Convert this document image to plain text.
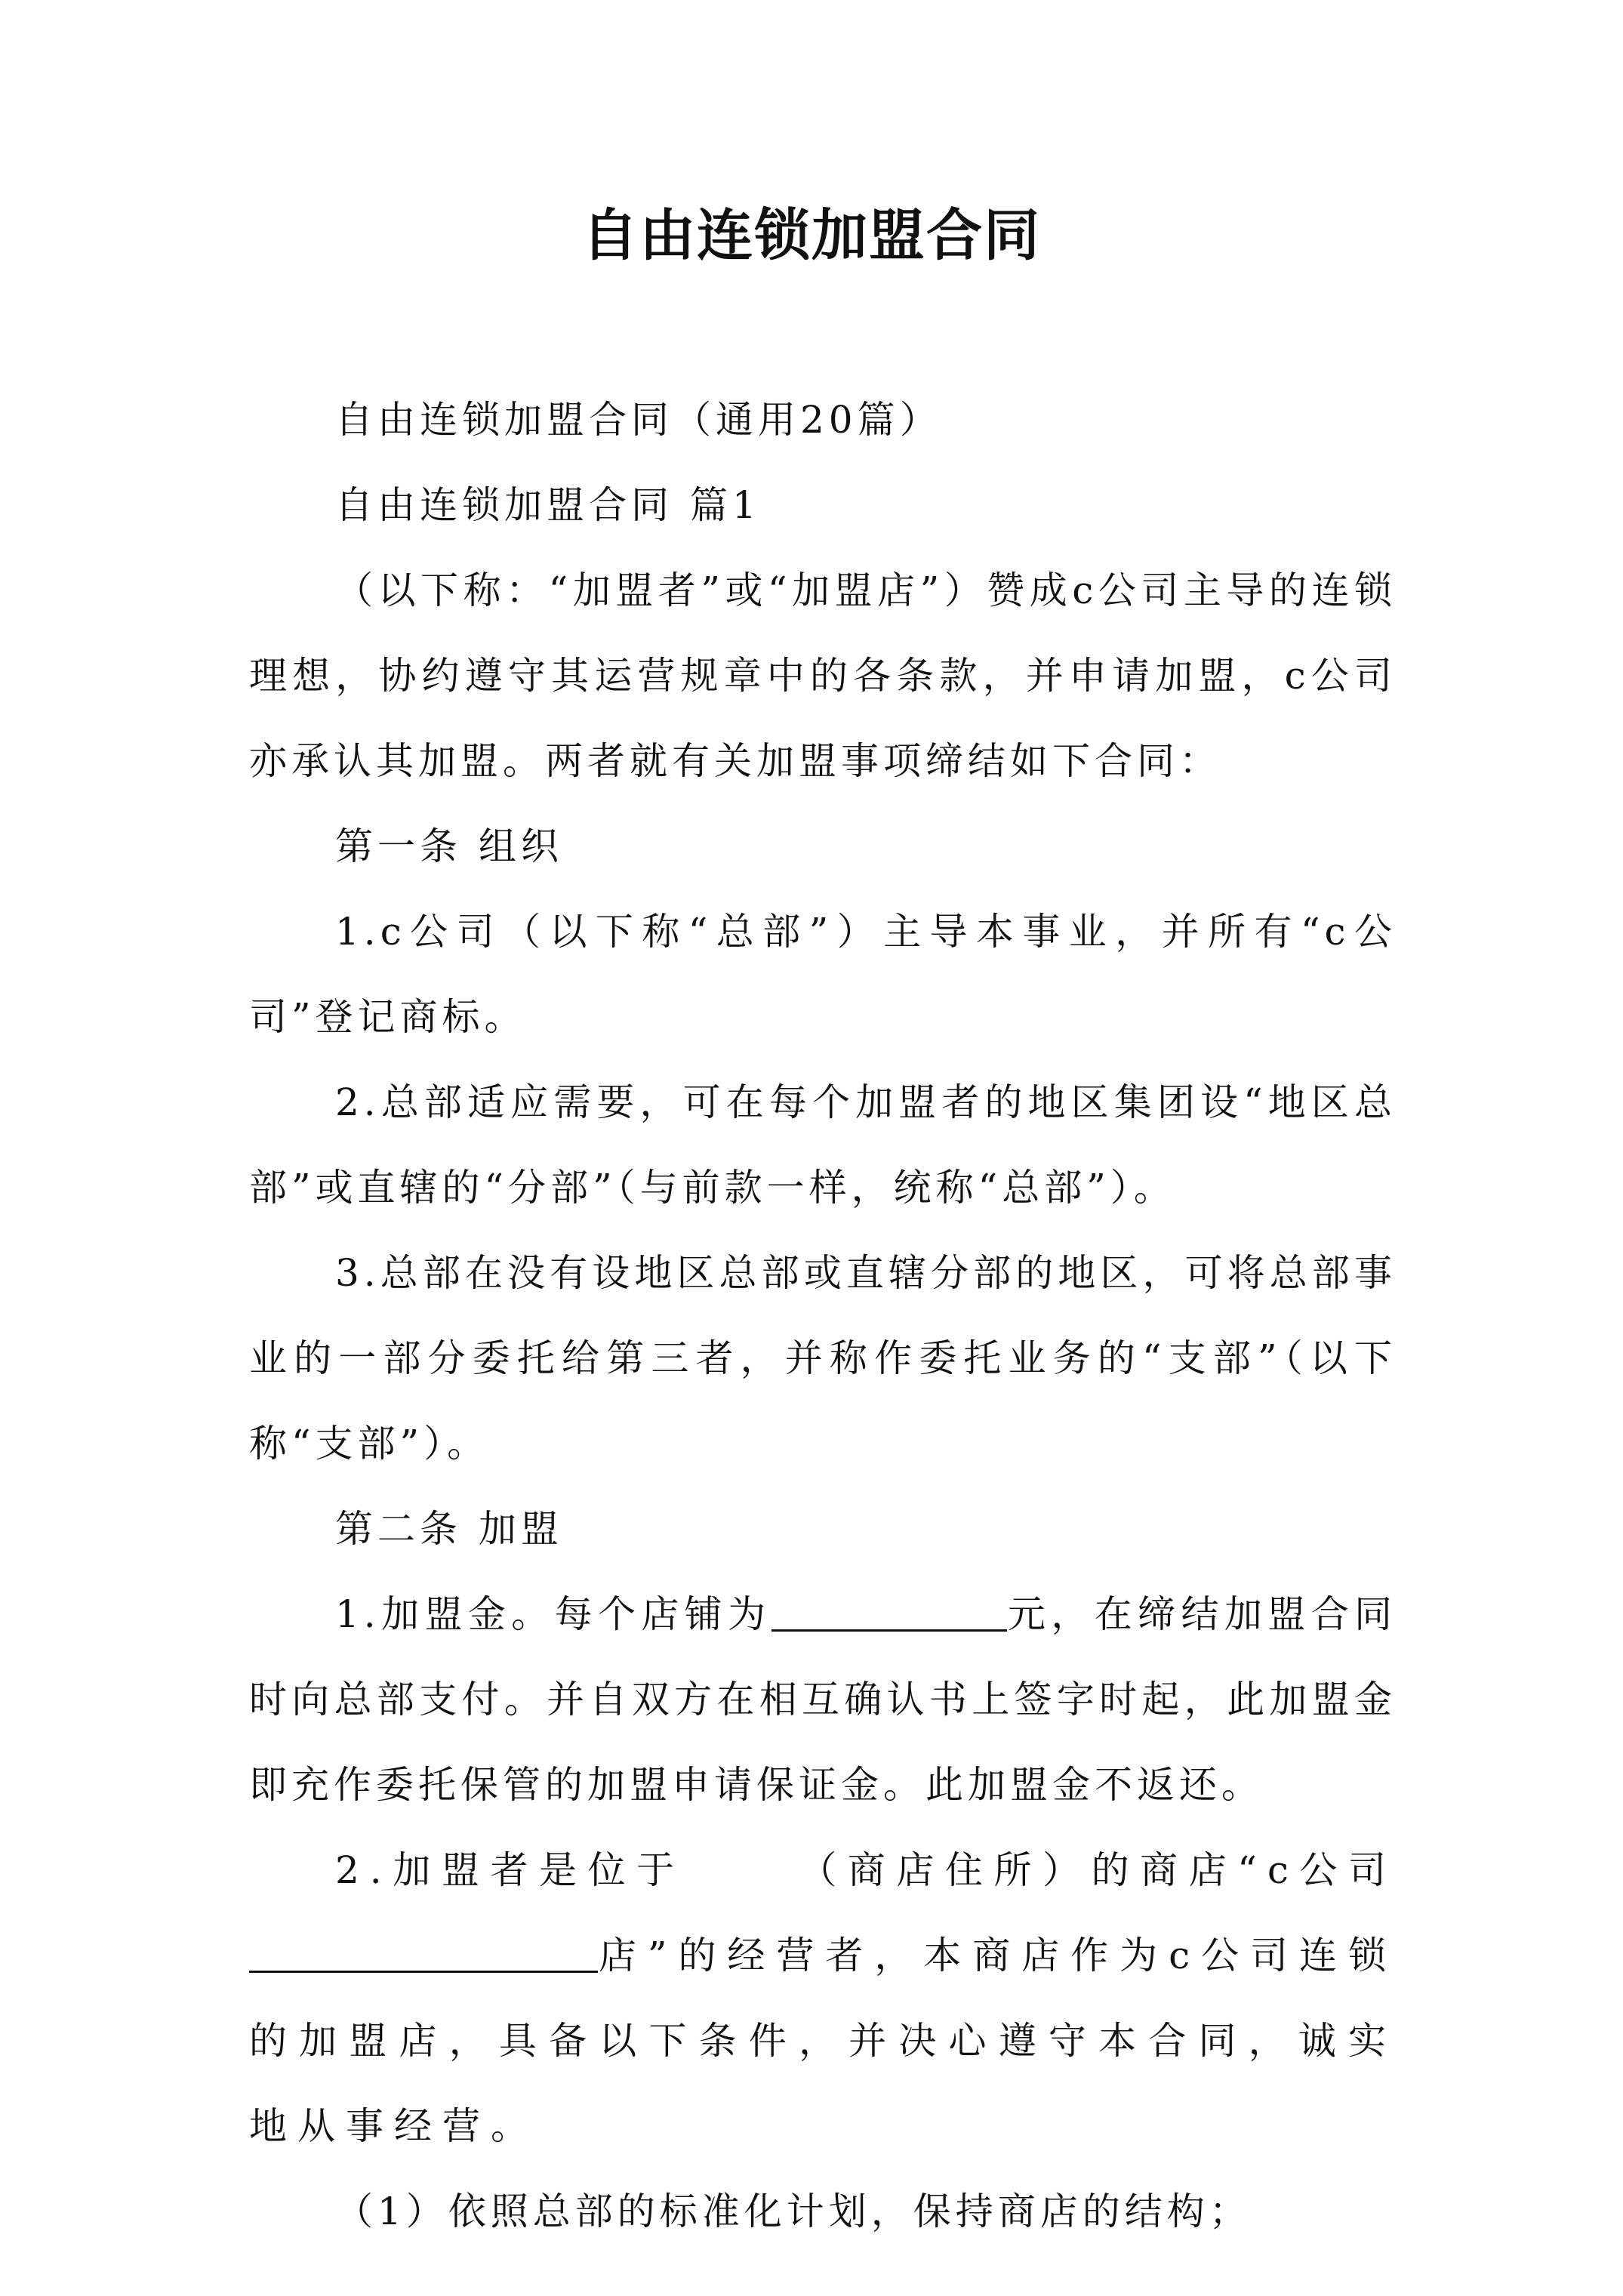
自由连锁加盟合同

自由连锁加盟合同（通用20篇）

自由连锁加盟合同 篇1

（以下称：“加盟者”或“加盟店”）赞成c公司主导的连锁理想，协约遵守其运营规章中的各条款，并申请加盟，c公司亦承认其加盟。两者就有关加盟事项缔结如下合同：

第一条 组织

1.c公司（以下称“总部”）主导本事业，并所有“c公司”登记商标。

2.总部适应需要，可在每个加盟者的地区集团设“地区总部”或直辖的“分部”（与前款一样，统称“总部”）。

3.总部在没有设地区总部或直辖分部的地区，可将总部事业的一部分委托给第三者，并称作委托业务的“支部”（以下称“支部”）。

第二条 加盟

1.加盟金。每个店铺为	元，在缔结加盟合同时向总部支付。并自双方在相互确认书上签字时起，此加盟金即充作委托保管的加盟申请保证金。此加盟金不返还。

2.加盟者是位于	（商店住所）的商店“c公司店”的经营者，本商店作为c公司连锁的加盟店，具备以下条件，并决心遵守本合同，诚实地从事经营。

（1）依照总部的标准化计划，保持商店的结构；
